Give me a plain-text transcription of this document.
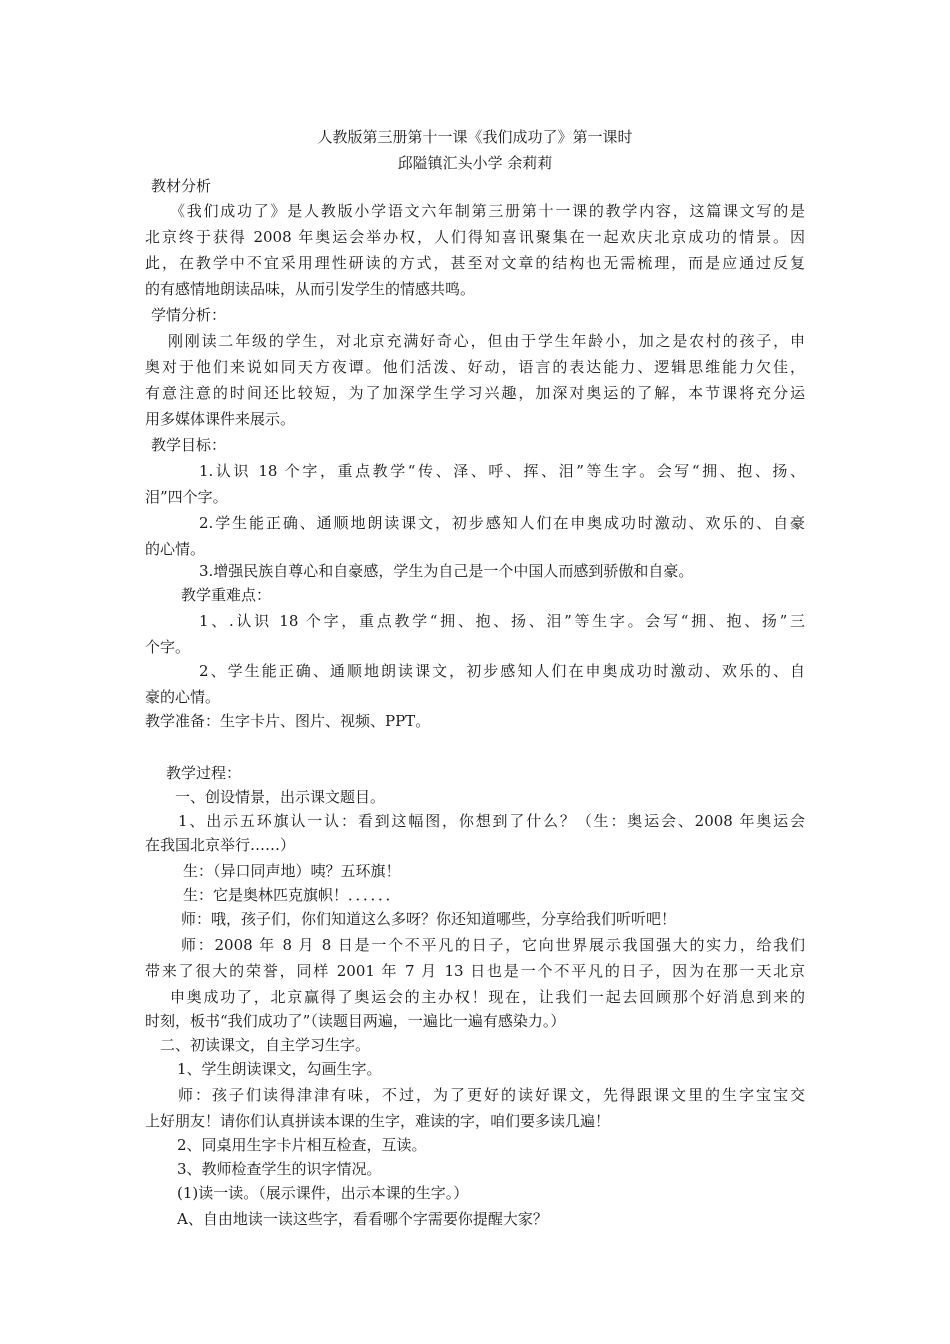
人教版第三册第十一课《我们成功了》第一课时
邱隘镇汇头小学 余莉莉
教材分析
《我们成功了》是人教版小学语文六年制第三册第十一课的教学内容，这篇课文写的是
北京终于获得 2008 年奥运会举办权，人们得知喜讯聚集在一起欢庆北京成功的情景。因
此，在教学中不宜采用理性研读的方式，甚至对文章的结构也无需梳理，而是应通过反复
的有感情地朗读品味，从而引发学生的情感共鸣。
学情分析：
刚刚读二年级的学生，对北京充满好奇心，但由于学生年龄小，加之是农村的孩子，申
奥对于他们来说如同天方夜谭。他们活泼、好动，语言的表达能力、逻辑思维能力欠佳，
有意注意的时间还比较短，为了加深学生学习兴趣，加深对奥运的了解，本节课将充分运
用多媒体课件来展示。
教学目标：
1.认识 18 个字，重点教学“传、泽、呼、挥、泪”等生字。会写“拥、抱、扬、
泪”四个字。
2.学生能正确、通顺地朗读课文，初步感知人们在申奥成功时激动、欢乐的、自豪
的心情。
3.增强民族自尊心和自豪感，学生为自己是一个中国人而感到骄傲和自豪。
教学重难点：
1、.认识 18 个字，重点教学“拥、抱、扬、泪”等生字。会写“拥、抱、扬”三
个字。
2、学生能正确、通顺地朗读课文，初步感知人们在申奥成功时激动、欢乐的、自
豪的心情。
教学准备：生字卡片、图片、视频、PPT。
教学过程：
一、创设情景，出示课文题目。
1、出示五环旗认一认：看到这幅图，你想到了什么？（生：奥运会、2008 年奥运会
在我国北京举行……）
生：（异口同声地）咦？五环旗！
生：它是奥林匹克旗帜！．．．．．．
师：哦，孩子们，你们知道这么多呀？你还知道哪些，分享给我们听听吧！
师：2008 年 8 月 8 日是一个不平凡的日子，它向世界展示我国强大的实力，给我们
带来了很大的荣誉，同样 2001 年 7 月 13 日也是一个不平凡的日子，因为在那一天北京
申奥成功了，北京赢得了奥运会的主办权！现在，让我们一起去回顾那个好消息到来的
时刻，板书“我们成功了”（读题目两遍，一遍比一遍有感染力。）
二、初读课文，自主学习生字。
1、学生朗读课文，勾画生字。
师：孩子们读得津津有味，不过，为了更好的读好课文，先得跟课文里的生字宝宝交
上好朋友！请你们认真拼读本课的生字，难读的字，咱们要多读几遍！
2、同桌用生字卡片相互检查，互读。
3、教师检查学生的识字情况。
(1)读一读。（展示课件，出示本课的生字。）
A、自由地读一读这些字，看看哪个字需要你提醒大家？
